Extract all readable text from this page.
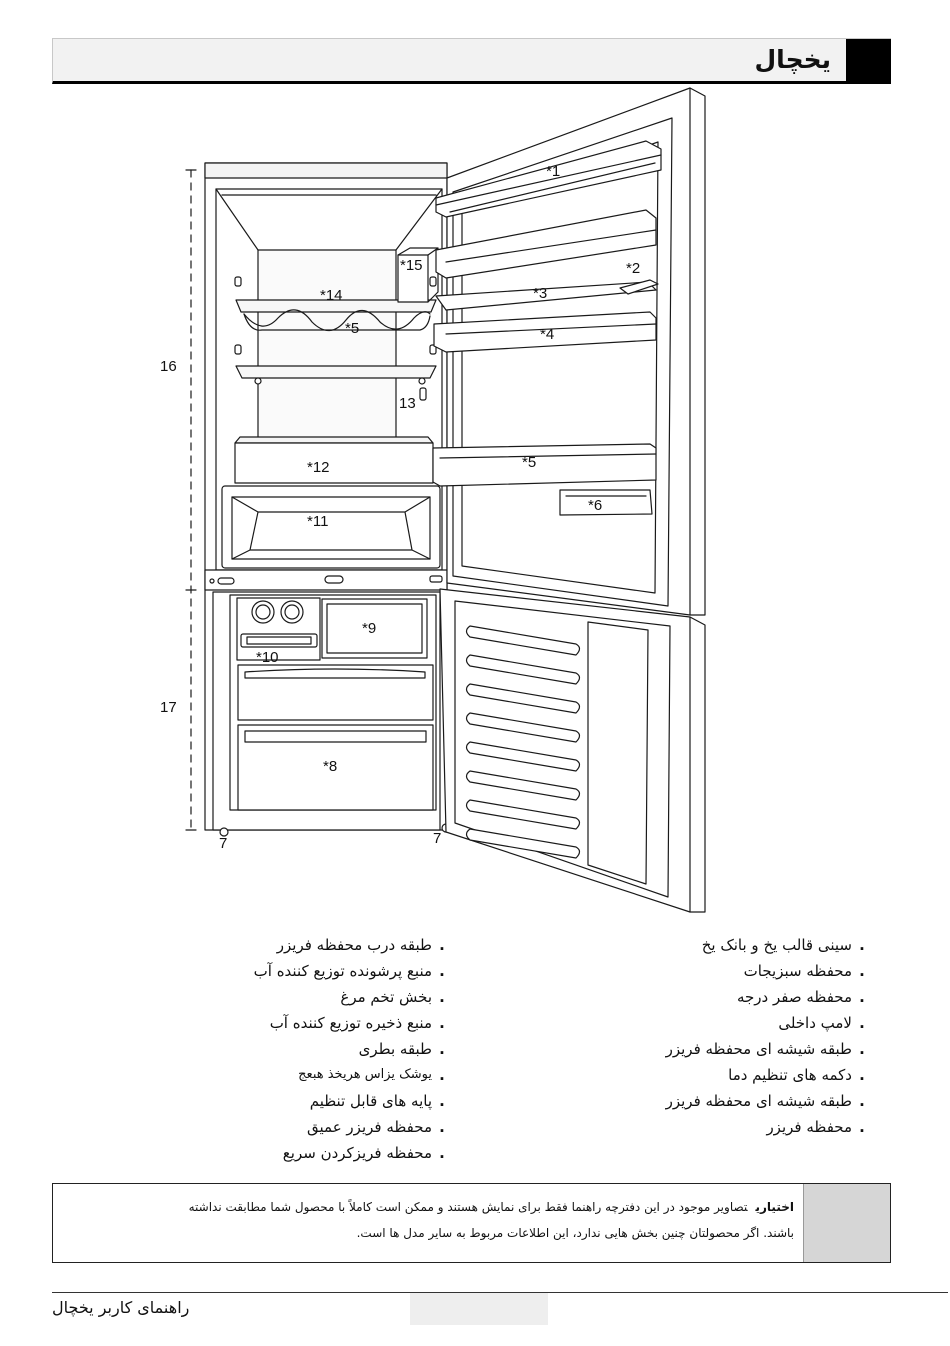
یخچال
*1
*2
*3
*4
*5
*5
*6
7	7
*8
*9
*10
*11
*12
13
*14
*15
16
17
.
سینی قالب یخ و بانک یخ
.
محفظه سبزیجات
.
محفظه صفر درجه
.
لامپ داخلی
.
طبقه شیشه ای محفظه فریزر
.
دکمه های تنظیم دما
.
طبقه شیشه ای محفظه فریزر
.
محفظه فریزر
.
طبقه درب محفظه فریزر
.
منبع پرشونده توزیع کننده آب
.
بخش تخم مرغ
.
منبع ذخیره توزیع کننده آب
.
طبقه بطری
.
یوشک یزاس هریخذ هبعج
.
پایه های قابل تنظیم
.
محفظه فریزر عمیق
.
محفظه فریزکردن سریع
اختیاریتصاویر موجود در این دفترچه راهنما فقط برای نمایش هستند و ممکن است کاملاً با محصول شما مطابقت نداشته
باشند. اگر محصولتان چنین بخش هایی ندارد، این اطلاعات مربوط به سایر مدل ها است.
راهنمای کاربر یخچال
